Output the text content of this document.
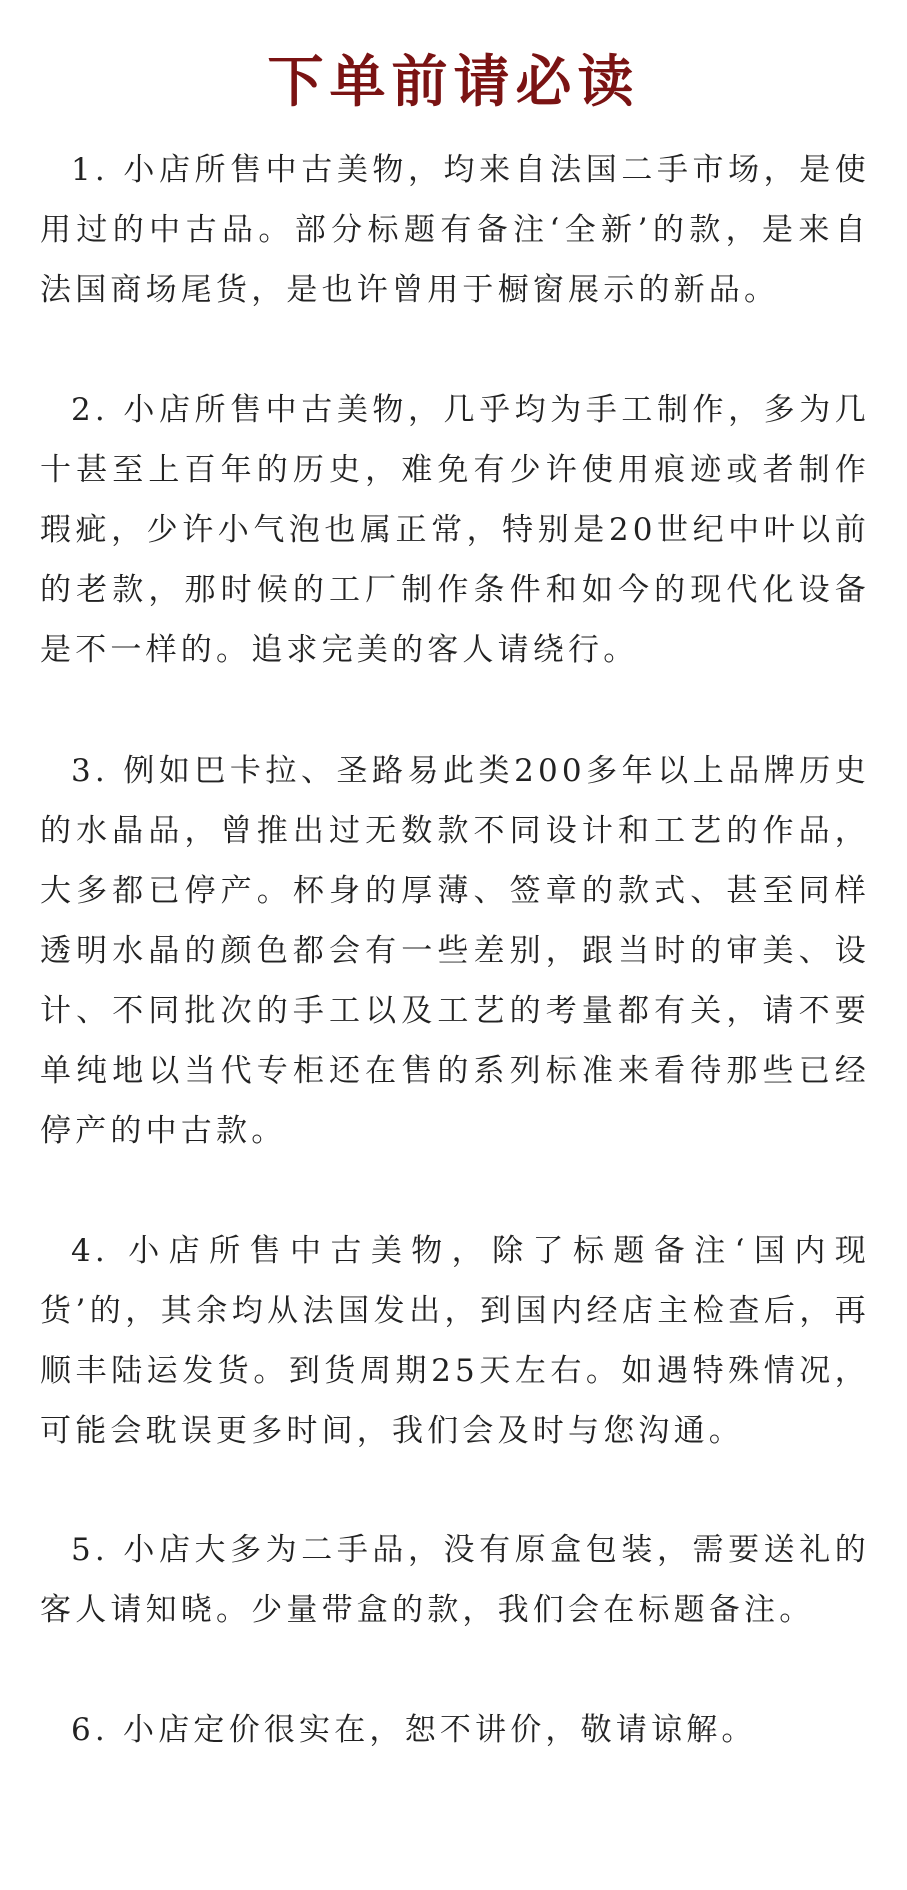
下单前请必读

1. 小店所售中古美物，均来自法国二手市场，是使用过的中古品。部分标题有备注‘全新’的款，是来自法国商场尾货，是也许曾用于橱窗展示的新品。

2. 小店所售中古美物，几乎均为手工制作，多为几十甚至上百年的历史，难免有少许使用痕迹或者制作瑕疵，少许小气泡也属正常，特别是20世纪中叶以前的老款，那时候的工厂制作条件和如今的现代化设备是不一样的。追求完美的客人请绕行。

3. 例如巴卡拉、圣路易此类200多年以上品牌历史的水晶品，曾推出过无数款不同设计和工艺的作品，大多都已停产。杯身的厚薄、签章的款式、甚至同样透明水晶的颜色都会有一些差别，跟当时的审美、设计、不同批次的手工以及工艺的考量都有关，请不要单纯地以当代专柜还在售的系列标准来看待那些已经停产的中古款。

4. 小店所售中古美物，除了标题备注‘国内现货’的，其余均从法国发出，到国内经店主检查后，再顺丰陆运发货。到货周期25天左右。如遇特殊情况，可能会耽误更多时间，我们会及时与您沟通。

5. 小店大多为二手品，没有原盒包装，需要送礼的客人请知晓。少量带盒的款，我们会在标题备注。

6. 小店定价很实在，恕不讲价，敬请谅解。
